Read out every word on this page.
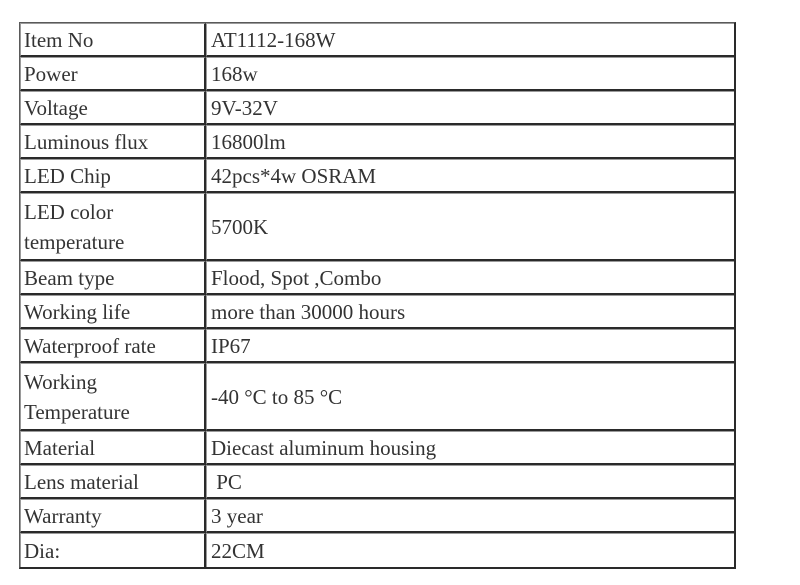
Item No	AT1112-168W
Power	168w
Voltage	9V-32V
Luminous flux	16800lm
LED Chip	42pcs*4w OSRAM
LED color temperature	5700K
Beam type	Flood, Spot ,Combo
Working life	more than 30000 hours
Waterproof rate	IP67
Working Temperature	-40 °C to 85 °C
Material	Diecast aluminum housing
Lens material	PC
Warranty	3 year
Dia:	22CM
